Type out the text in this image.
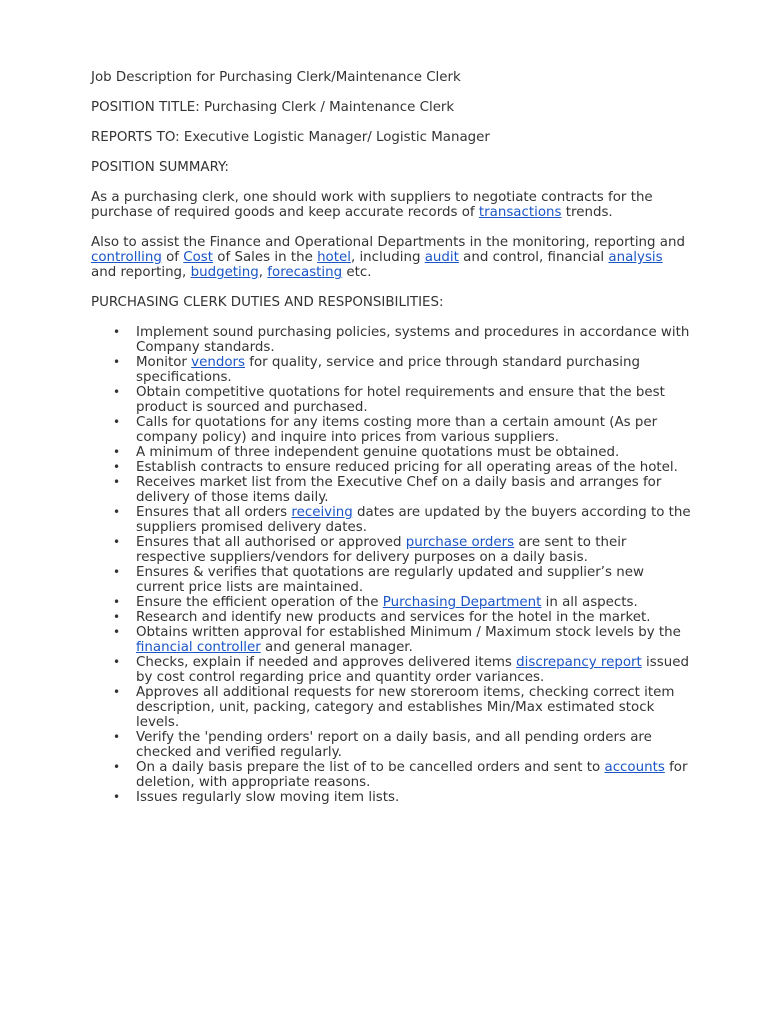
Job Description for Purchasing Clerk/Maintenance Clerk

POSITION TITLE: Purchasing Clerk / Maintenance Clerk

REPORTS TO: Executive Logistic Manager/ Logistic Manager

POSITION SUMMARY:

As a purchasing clerk, one should work with suppliers to negotiate contracts for the purchase of required goods and keep accurate records of transactions trends.

Also to assist the Finance and Operational Departments in the monitoring, reporting and controlling of Cost of Sales in the hotel, including audit and control, financial analysis and reporting, budgeting, forecasting etc.

PURCHASING CLERK DUTIES AND RESPONSIBILITIES:

• Implement sound purchasing policies, systems and procedures in accordance with Company standards.
• Monitor vendors for quality, service and price through standard purchasing specifications.
• Obtain competitive quotations for hotel requirements and ensure that the best product is sourced and purchased.
• Calls for quotations for any items costing more than a certain amount (As per company policy) and inquire into prices from various suppliers.
• A minimum of three independent genuine quotations must be obtained.
• Establish contracts to ensure reduced pricing for all operating areas of the hotel.
• Receives market list from the Executive Chef on a daily basis and arranges for delivery of those items daily.
• Ensures that all orders receiving dates are updated by the buyers according to the suppliers promised delivery dates.
• Ensures that all authorised or approved purchase orders are sent to their respective suppliers/vendors for delivery purposes on a daily basis.
• Ensures & verifies that quotations are regularly updated and supplier’s new current price lists are maintained.
• Ensure the efficient operation of the Purchasing Department in all aspects.
• Research and identify new products and services for the hotel in the market.
• Obtains written approval for established Minimum / Maximum stock levels by the financial controller and general manager.
• Checks, explain if needed and approves delivered items discrepancy report issued by cost control regarding price and quantity order variances.
• Approves all additional requests for new storeroom items, checking correct item description, unit, packing, category and establishes Min/Max estimated stock levels.
• Verify the 'pending orders' report on a daily basis, and all pending orders are checked and verified regularly.
• On a daily basis prepare the list of to be cancelled orders and sent to accounts for deletion, with appropriate reasons.
• Issues regularly slow moving item lists.
